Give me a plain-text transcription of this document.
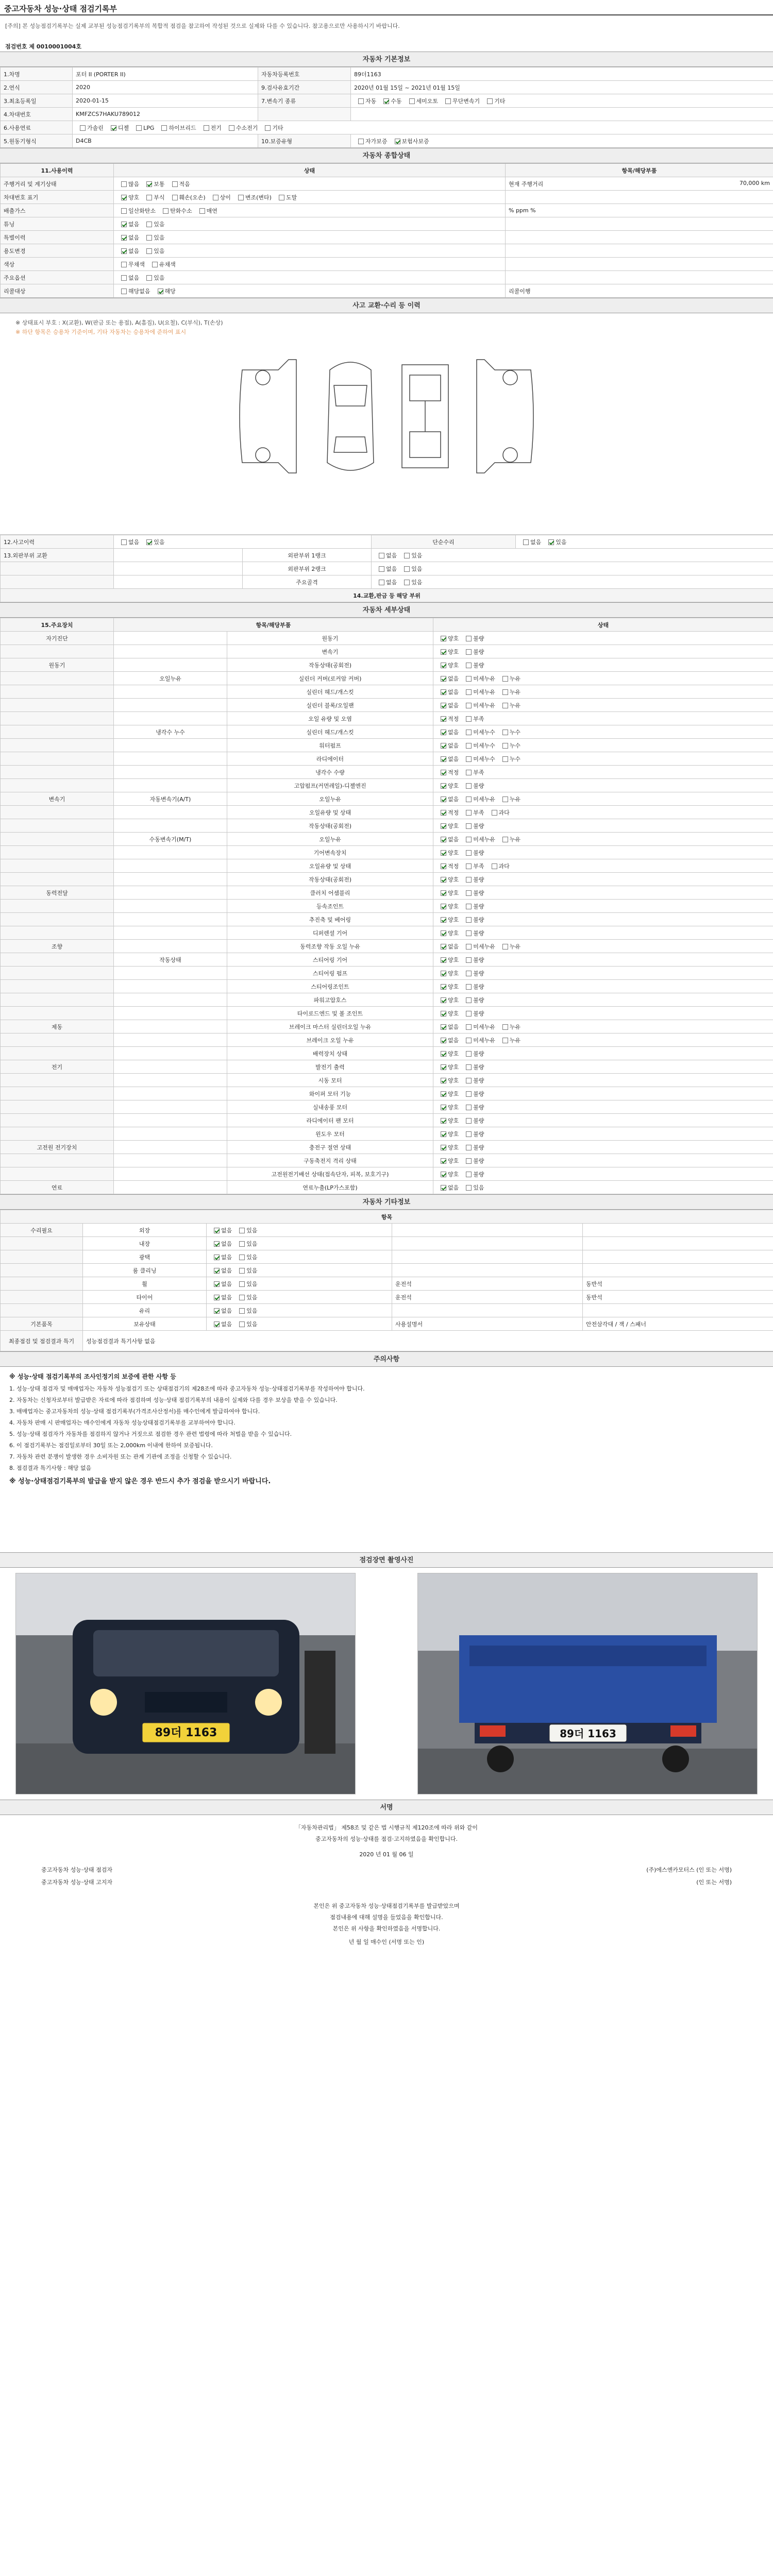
중고자동차 성능·상태 점검기록부
[주의] 본 성능점검기록부는 실제 교부된 성능점검기록부의 복합적 점검을 참고하여 작성된 것으로 실제와 다를 수 있습니다. 참고용으로만 사용하시기 바랍니다.
점검번호 제 0010001004호
자동차 기본정보
1.차명	포터 II (PORTER II)	자동차등록번호	89더1163
2.연식	2020	9.검사유효기간	2020년 01월 15일 ~ 2021년 01월 15일
3.최초등록일	2020-01-15	7.변속기 종류	자동 수동 세미오토 무단변속기 기타
4.차대번호	KMFZCS7HAKU789012		
6.사용연료	가솔린 디젤 LPG 하이브리드 전기 수소전기 기타		
5.원동기형식	D4CB	10.보증유형	자가보증 보험사보증
자동차 종합상태
11.사용이력	상태	항목/해당부품
주행거리 및 계기상태	많음 보통 적음	현재 주행거리 70,000 km

차대번호 표기	양호 부식 훼손(오손) 상이 변조(변타) 도말	

배출가스	일산화탄소 탄화수소 매연	% ppm %

튜닝	없음 있음	

특별이력	없음 있음	

용도변경	없음 있음	

색상	무채색 유채색	

주요옵션	없음 있음	

리콜대상	해당없음 해당	리콜이행
사고 교환·수리 등 이력
※ 상태표시 부호 : X(교환), W(판금 또는 용접), A(흠집), U(요철), C(부식), T(손상)
※ 하단 항목은 승용차 기준이며, 기타 자동차는 승용차에 준하여 표시
12.사고이력	없음 있음		단순수리	없음 있음
13.외판부위 교환		외판부위 1랭크	없음 있음	
		외판부위 2랭크	없음 있음	
		주요골격	없음 있음	
14.교환,판금 등 해당 부위				
자동차 세부상태
15.주요장치	항목/해당부품		상태
자기진단		원동기	양호 불량
		변속기	양호 불량
원동기		작동상태(공회전)	양호 불량
	오일누유	실린더 커버(로커암 커버)	없음 미세누유 누유
		실린더 헤드/개스킷	없음 미세누유 누유
		실린더 블록/오일팬	없음 미세누유 누유
		오일 유량 및 오염	적정 부족
	냉각수 누수	실린더 헤드/개스킷	없음 미세누수 누수
		워터펌프	없음 미세누수 누수
		라디에이터	없음 미세누수 누수
		냉각수 수량	적정 부족
		고압펌프(커먼레일)-디젤엔진	양호 불량
변속기	자동변속기(A/T)	오일누유	없음 미세누유 누유
		오일유량 및 상태	적정 부족 과다
		작동상태(공회전)	양호 불량
	수동변속기(M/T)	오일누유	없음 미세누유 누유
		기어변속장치	양호 불량
		오일유량 및 상태	적정 부족 과다
		작동상태(공회전)	양호 불량
동력전달		클러치 어셈블리	양호 불량
		등속조인트	양호 불량
		추진축 및 베어링	양호 불량
		디퍼렌셜 기어	양호 불량
조향		동력조향 작동 오일 누유	없음 미세누유 누유
	작동상태	스티어링 기어	양호 불량
		스티어링 펌프	양호 불량
		스티어링조인트	양호 불량
		파워고압호스	양호 불량
		타이로드엔드 및 볼 조인트	양호 불량
제동		브레이크 마스터 실린더오일 누유	없음 미세누유 누유
		브레이크 오일 누유	없음 미세누유 누유
		배력장치 상태	양호 불량
전기		발전기 출력	양호 불량
		시동 모터	양호 불량
		와이퍼 모터 기능	양호 불량
		실내송풍 모터	양호 불량
		라디에이터 팬 모터	양호 불량
		윈도우 모터	양호 불량
고전원 전기장치		충전구 절연 상태	양호 불량
		구동축전지 격리 상태	양호 불량
		고전원전기배선 상태(접속단자, 피복, 보호기구)	양호 불량
연료		연료누출(LP가스포함)	없음 있음
자동차 기타정보
항목				
수리필요	외장	없음 있음		
	내장	없음 있음		
	광택	없음 있음		
	룸 클리닝	없음 있음		
	휠	없음 있음	운전석	동반석
	타이어	없음 있음	운전석	동반석
	유리	없음 있음		
기본품목	보유상태	없음 있음	사용설명서	안전삼각대 / 잭 / 스패너
최종점검 및 점검결과 특기	성능점검결과 특기사항 없음			
주의사항
※ 성능·상태 점검기록부의 조사인정기의 보증에 관한 사항 등

1. 성능·상태 점검자 및 매매업자는 자동차 성능점검기 또는 상태점검기의 제28조에 따라 중고자동차 성능·상태점검기록부를 작성하여야 합니다.

2. 자동차는 신청자로부터 발급받은 자료에 따라 점검하며 성능·상태 점검기록부의 내용이 실제와 다를 경우 보상을 받을 수 있습니다.

3. 매매업자는 중고자동차의 성능·상태 점검기록부(가격조사산정서)를 매수인에게 발급하여야 합니다.

4. 자동차 판매 시 판매업자는 매수인에게 자동차 성능상태점검기록부를 교부하여야 합니다.

5. 성능·상태 점검자가 자동차를 점검하지 않거나 거짓으로 점검한 경우 관련 법령에 따라 처벌을 받을 수 있습니다.

6. 이 점검기록부는 점검일로부터 30일 또는 2,000km 이내에 한하여 보증됩니다.

7. 자동차 관련 분쟁이 발생한 경우 소비자원 또는 관계 기관에 조정을 신청할 수 있습니다.

8. 점검결과 특기사항 : 해당 없음

※ 성능·상태점검기록부의 발급을 받지 않은 경우 반드시 추가 점검을 받으시기 바랍니다.
점검장면 촬영사진
89더 1163	89더 1163
서명
「자동차관리법」 제58조 및 같은 법 시행규칙 제120조에 따라 위와 같이
중고자동차의 성능·상태를 점검·고지하였음을 확인합니다.
2020 년 01 월 06 일
중고자동차 성능·상태 점검자	(주)에스엔카모터스 (인 또는 서명)
중고자동차 성능·상태 고지자	(인 또는 서명)
본인은 위 중고자동차 성능·상태점검기록부를 발급받았으며
점검내용에 대해 설명을 들었음을 확인합니다.
본인은 위 사항을 확인하였음을 서명합니다.
년 월 일 매수인 (서명 또는 인)
